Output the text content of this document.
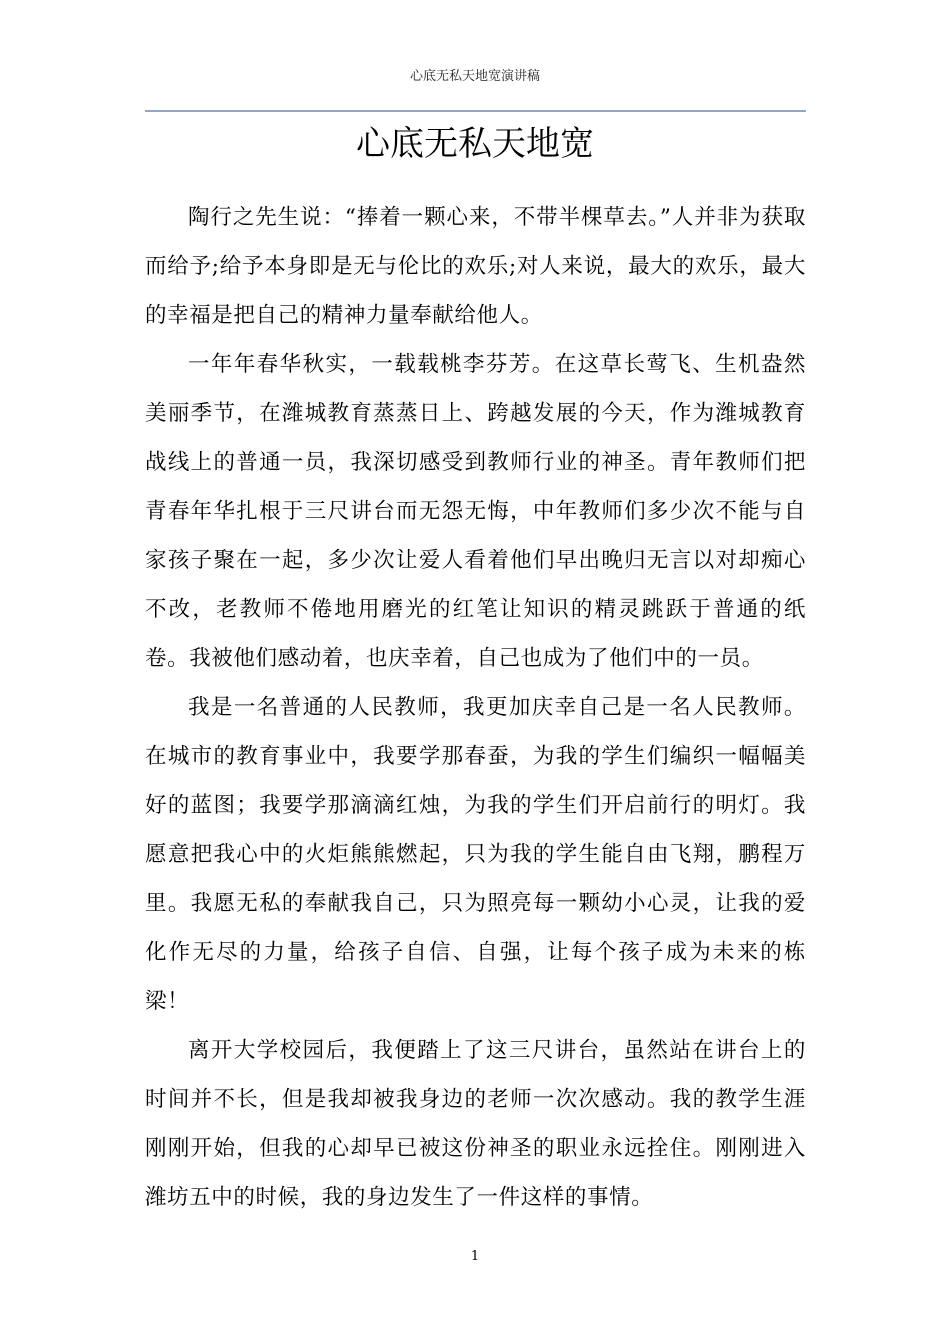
心底无私天地宽演讲稿
心底无私天地宽

陶行之先生说：“捧着一颗心来，不带半棵草去。”人并非为获取而给予;给予本身即是无与伦比的欢乐;对人来说，最大的欢乐，最大的幸福是把自己的精神力量奉献给他人。

一年年春华秋实，一载载桃李芬芳。在这草长莺飞、生机盎然美丽季节，在潍城教育蒸蒸日上、跨越发展的今天，作为潍城教育战线上的普通一员，我深切感受到教师行业的神圣。青年教师们把青春年华扎根于三尺讲台而无怨无悔，中年教师们多少次不能与自家孩子聚在一起，多少次让爱人看着他们早出晚归无言以对却痴心不改，老教师不倦地用磨光的红笔让知识的精灵跳跃于普通的纸卷。我被他们感动着，也庆幸着，自己也成为了他们中的一员。

我是一名普通的人民教师，我更加庆幸自己是一名人民教师。在城市的教育事业中，我要学那春蚕，为我的学生们编织一幅幅美好的蓝图；我要学那滴滴红烛，为我的学生们开启前行的明灯。我愿意把我心中的火炬熊熊燃起，只为我的学生能自由飞翔，鹏程万里。我愿无私的奉献我自己，只为照亮每一颗幼小心灵，让我的爱化作无尽的力量，给孩子自信、自强，让每个孩子成为未来的栋梁！

离开大学校园后，我便踏上了这三尺讲台，虽然站在讲台上的时间并不长，但是我却被我身边的老师一次次感动。我的教学生涯刚刚开始，但我的心却早已被这份神圣的职业永远拴住。刚刚进入潍坊五中的时候，我的身边发生了一件这样的事情。

1
